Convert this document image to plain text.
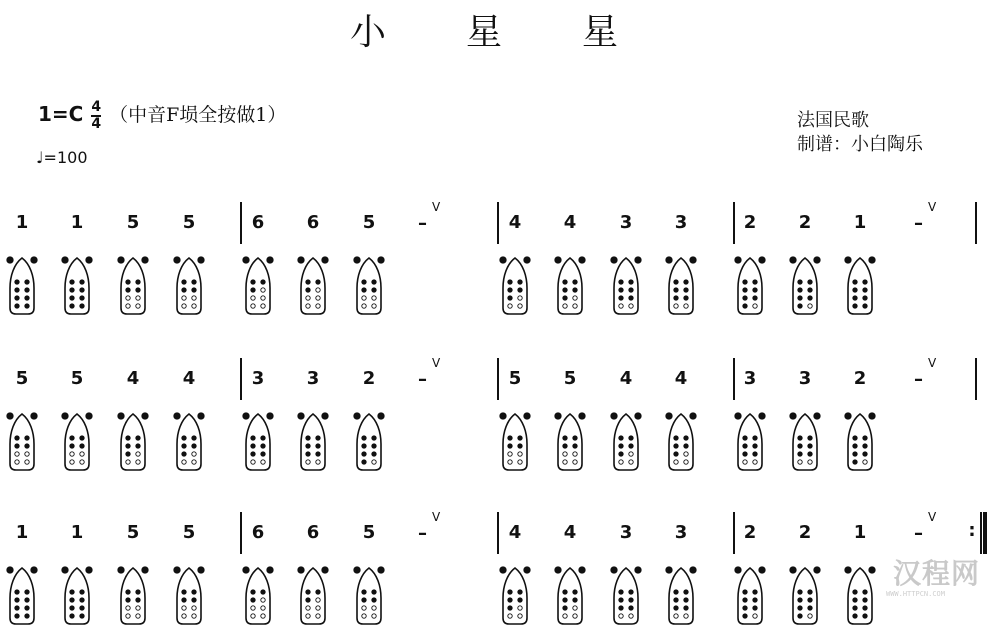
小 星 星
$1=C \frac{4}{4}$ （中音F埙全按做1）
♩=100
法国民歌
制谱：小白陶乐
1 1 5 5	6 6 5 –
V
4 4 3 3	2 2 1	–
V
5 5 4 4	3 3 2 –
V
5 5 4 4	3 3 2	–
V
1 1 5 5	6 6 5 –
V
4 4 3 3	2 2 1	–
V
:
汉程网
WWW.HTTPCN.COM
